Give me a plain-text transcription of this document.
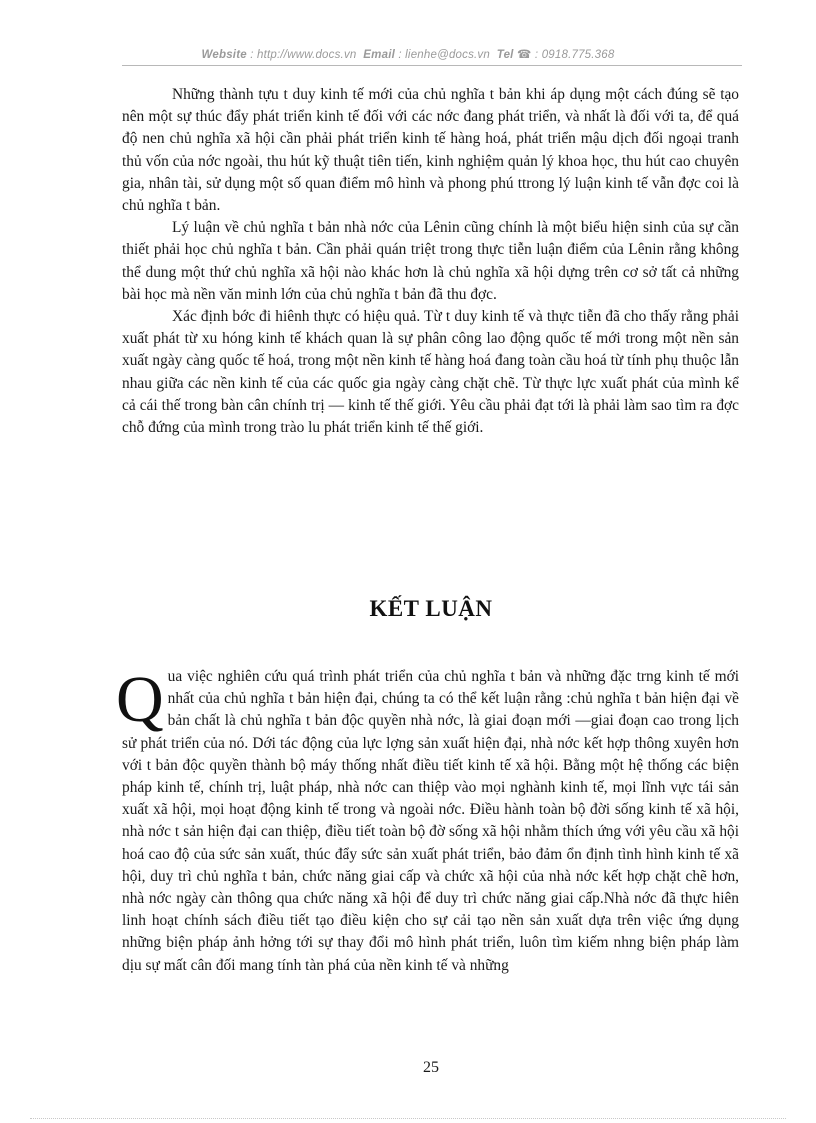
Website : http://www.docs.vn Email : lienhe@docs.vn Tel ☎ : 0918.775.368

Những thành tựu t duy kinh tế mới của chủ nghĩa t bản khi áp dụng một cách đúng sẽ tạo nên một sự thúc đẩy phát triển kinh tế đối với các nớc đang phát triển, và nhất là đối với ta, để quá độ nen chủ nghĩa xã hội cần phải phát triển kinh tế hàng hoá, phát triển mậu dịch đối ngoại tranh thủ vốn của nớc ngoài, thu hút kỹ thuật tiên tiến, kinh nghiệm quản lý khoa học, thu hút cao chuyên gia, nhân tài, sử dụng một số quan điểm mô hình và phong phú ttrong lý luận kinh tế vẫn đợc coi là chủ nghĩa t bản.

Lý luận về chủ nghĩa t bản nhà nớc của Lênin cũng chính là một biểu hiện sinh của sự cần thiết phải học chủ nghĩa t bản. Cần phải quán triệt trong thực tiễn luận điểm của Lênin rằng không thể dung một thứ chủ nghĩa xã hội nào khác hơn là chủ nghĩa xã hội dựng trên cơ sở tất cả những bài học mà nền văn minh lớn của chủ nghĩa t bản đã thu đợc.

Xác định bớc đi hiênh thực có hiệu quả. Từ t duy kinh tế và thực tiễn đã cho thấy rằng phải xuất phát từ xu hóng kinh tế khách quan là sự phân công lao động quốc tế mới trong một nền sản xuất ngày càng quốc tế hoá, trong một nền kinh tế hàng hoá đang toàn cầu hoá từ tính phụ thuộc lẫn nhau giữa các nền kinh tế của các quốc gia ngày càng chặt chẽ. Từ thực lực xuất phát của mình kể cả cái thế trong bàn cân chính trị — kinh tế thế giới. Yêu cầu phải đạt tới là phải làm sao tìm ra đợc chỗ đứng của mình trong trào lu phát triển kinh tế thế giới.

KẾT LUẬN
Q ua việc nghiên cứu quá trình phát triển của chủ nghĩa t bản và những đặc trng kinh tế mới nhất của chủ nghĩa t bản hiện đại, chúng ta có thể kết luận rằng :chủ nghĩa t bản hiện đại về bản chất là chủ nghĩa t bản độc quyền nhà nớc, là giai đoạn mới —giai đoạn cao trong lịch sử phát triển của nó. Dới tác động của lực lợng sản xuất hiện đại, nhà nớc kết hợp thông xuyên hơn với t bản độc quyền thành bộ máy thống nhất điều tiết kinh tế xã hội. Bằng một hệ thống các biện pháp kinh tế, chính trị, luật pháp, nhà nớc can thiệp vào mọi nghành kinh tế, mọi lĩnh vực tái sản xuất xã hội, mọi hoạt động kinh tế trong và ngoài nớc. Điều hành toàn bộ đời sống kinh tế xã hội, nhà nớc t sản hiện đại can thiệp, điều tiết toàn bộ đờ sống xã hội nhằm thích ứng với yêu cầu xã hội hoá cao độ của sức sản xuất, thúc đẩy sức sản xuất phát triển, bảo đảm ổn định tình hình kinh tế xã hội, duy trì chủ nghĩa t bản, chức năng giai cấp và chức xã hội của nhà nớc kết hợp chặt chẽ hơn, nhà nớc ngày càn thông qua chức năng xã hội để duy trì chức năng giai cấp.Nhà nớc đã thực hiên linh hoạt chính sách điều tiết tạo điều kiện cho sự cải tạo nền sản xuất dựa trên việc ứng dụng những biện pháp ảnh hởng tới sự thay đổi mô hình phát triển, luôn tìm kiếm nhng biện pháp làm dịu sự mất cân đối mang tính tàn phá của nền kinh tế và những

25
